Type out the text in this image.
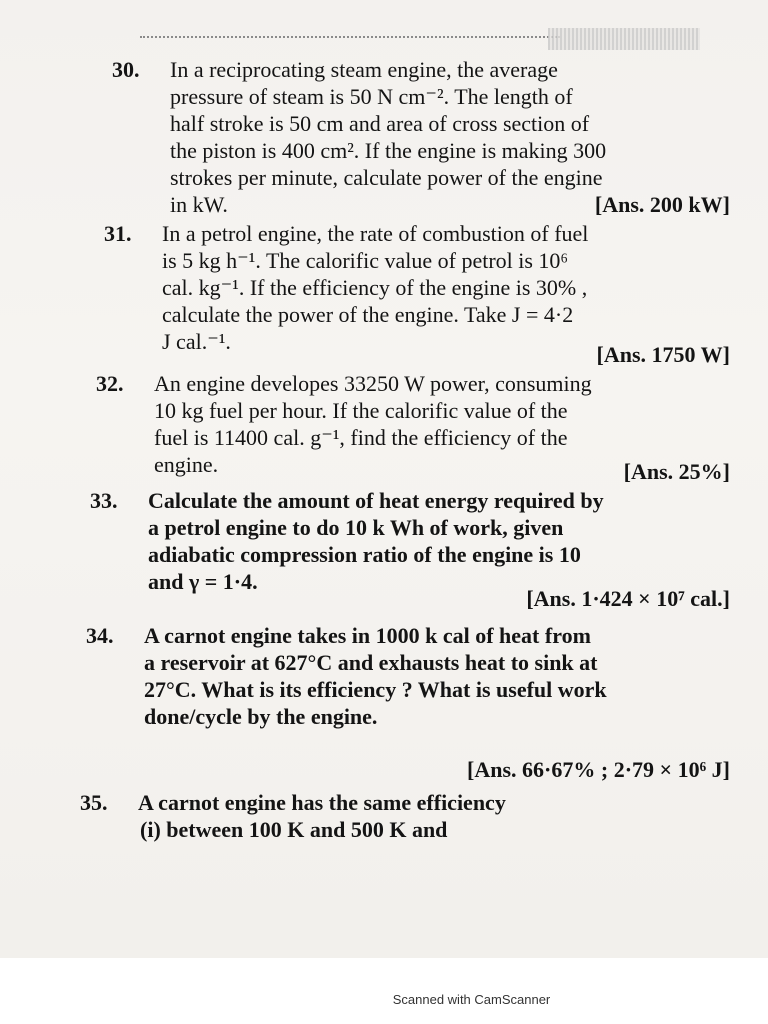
30. In a reciprocating steam engine, the average

pressure of steam is 50 N cm⁻². The length of

half stroke is 50 cm and area of cross section of

the piston is 400 cm². If the engine is making 300

strokes per minute, calculate power of the engine

in kW.	[Ans. 200 kW]

31. In a petrol engine, the rate of combustion of fuel

is 5 kg h⁻¹. The calorific value of petrol is 10⁶

cal. kg⁻¹. If the efficiency of the engine is 30% ,

calculate the power of the engine. Take J = 4·2

J cal.⁻¹.

[Ans. 1750 W]

32. An engine developes 33250 W power, consuming

10 kg fuel per hour. If the calorific value of the

fuel is 11400 cal. g⁻¹, find the efficiency of the

engine.	[Ans. 25%]

33. Calculate the amount of heat energy required by

a petrol engine to do 10 k Wh of work, given

adiabatic compression ratio of the engine is 10

and γ = 1·4.

[Ans. 1·424 × 10⁷ cal.]

34. A carnot engine takes in 1000 k cal of heat from

a reservoir at 627°C and exhausts heat to sink at

27°C. What is its efficiency ? What is useful work

done/cycle by the engine.

[Ans. 66·67% ; 2·79 × 10⁶ J]

35. A carnot engine has the same efficiency

(i) between 100 K and 500 K and

Scanned with CamScanner
